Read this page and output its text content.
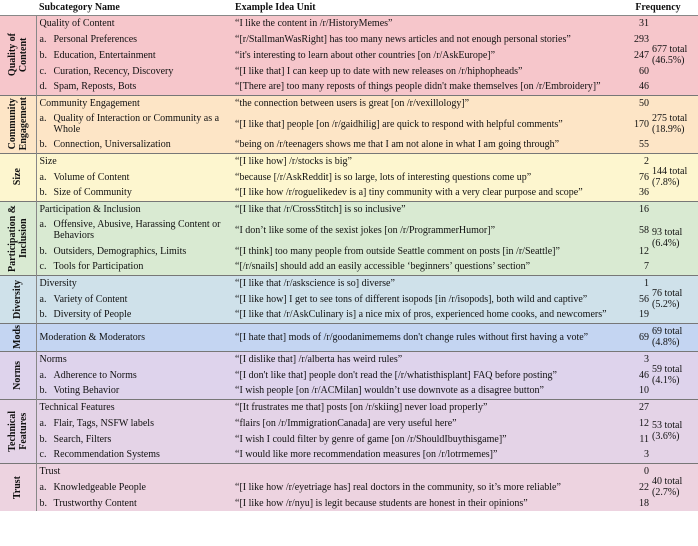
	Subcategory Name	Example Idea Unit	Frequency	

Quality of
Content	Quality of Content	“I like the content in /r/HistoryMemes”	31	677 total
(46.5%)
	a. Personal Preferences	“[r/StallmanWasRight] has too many news articles and not enough personal stories”	293	
	b. Education, Entertainment	“it's interesting to learn about other countries [on /r/AskEurope]”	247	
	c. Curation, Recency, Discovery	“[I like that] I can keep up to date with new releases on /r/hiphopheads”	60	
	d. Spam, Reposts, Bots	“[There are] too many reposts of things people didn't make themselves [on /r/Embroidery]”	46	

Community
Engagement	Community Engagement	“the connection between users is great [on /r/vexillology]”	50	275 total
(18.9%)

	a. Quality of Interaction or Community as a Whole	“[I like that] people [on /r/gaidhilig] are quick to respond with helpful comments”	170	
	b. Connection, Universalization	“being on /r/teenagers shows me that I am not alone in what I am going through”	55	

Size	Size	“[I like how] /r/stocks is big”	2	144 total
(7.8%)
	a. Volume of Content	“because [/r/AskReddit] is so large, lots of interesting questions come up”	76	
	b. Size of Community	“[I like how /r/roguelikedev is a] tiny community with a very clear purpose and scope”	36	

Participation &
Inclusion	Participation & Inclusion	“[I like that /r/CrossStitch] is so inclusive”	16	93 total
(6.4%)

	a. Offensive, Abusive, Harassing Content or Behaviors	“I don’t like some of the sexist jokes [on /r/ProgrammerHumor]”	58	
	b. Outsiders, Demographics, Limits	“[I think] too many people from outside Seattle comment on posts [in /r/Seattle]”	12	
	c. Tools for Participation	“[/r/snails] should add an easily accessible ‘beginners’ questions’ section”	7	

Diversity	Diversity	“[I like that /r/askscience is so] diverse”	1	76 total
(5.2%)
	a. Variety of Content	“[I like how] I get to see tons of different isopods [in /r/isopods], both wild and captive”	56	
	b. Diversity of People	“[I like that /r/AskCulinary is] a nice mix of pros, experienced home cooks, and newcomers”	19	

Mods	Moderation & Moderators	“[I hate that] mods of /r/goodanimemems don't change rules without first having a vote”	69	69 total
(4.8%)

Norms	Norms	“[I dislike that] /r/alberta has weird rules”	3	59 total
(4.1%)
	a. Adherence to Norms	“[I don't like that] people don't read the [/r/whatisthisplant] FAQ before posting”	46	
	b. Voting Behavior	“I wish people [on /r/ACMilan] wouldn’t use downvote as a disagree button”	10	

Technical
Features	Technical Features	“[It frustrates me that] posts [on /r/skiing] never load properly”	27	53 total
(3.6%)
	a. Flair, Tags, NSFW labels	“flairs [on /r/ImmigrationCanada] are very useful here”	12	
	b. Search, Filters	“I wish I could filter by genre of game [on /r/ShouldIbuythisgame]”	11	
	c. Recommendation Systems	“I would like more recommendation measures [on /r/lotrmemes]”	3	

Trust	Trust		0	40 total
(2.7%)
	a. Knowledgeable People	“[I like how /r/eyetriage has] real doctors in the community, so it’s more reliable”	22	
	b. Trustworthy Content	“[I like how /r/nyu] is legit because students are honest in their opinions”	18	
